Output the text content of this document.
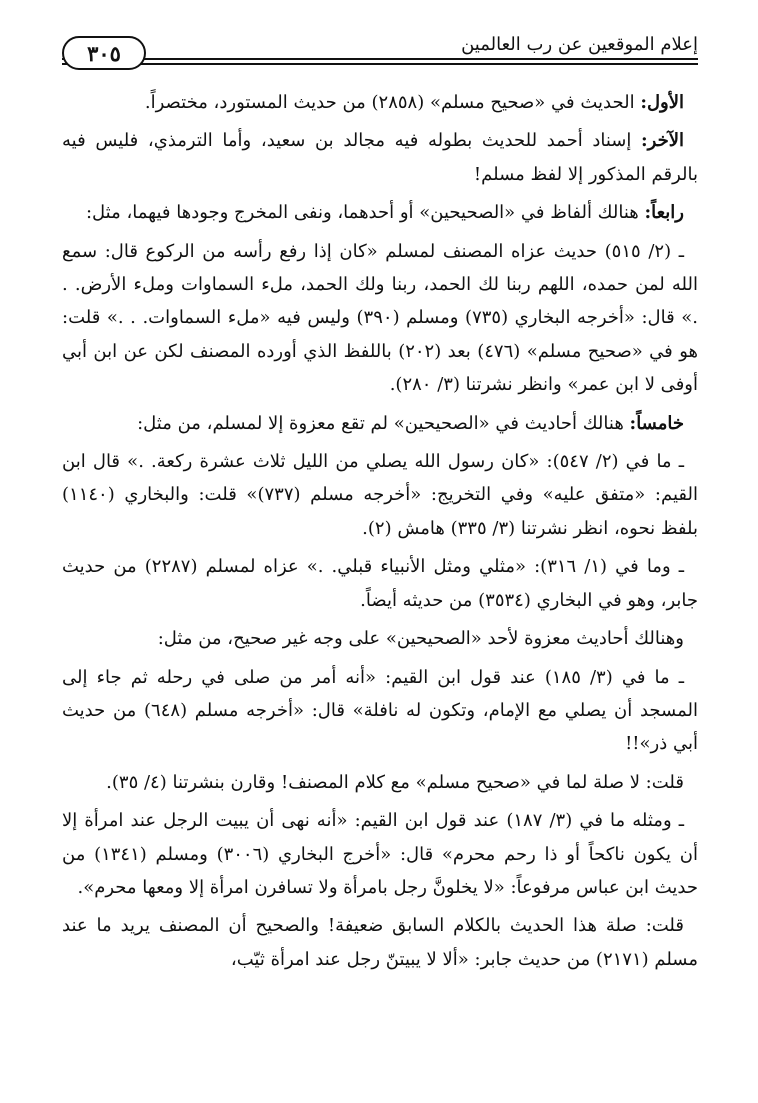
إعلام الموقعين عن رب العالمين
٣٠٥

الأول: الحديث في «صحيح مسلم» (٢٨٥٨) من حديث المستورد، مختصراً.

الآخر: إسناد أحمد للحديث بطوله فيه مجالد بن سعيد، وأما الترمذي، فليس فيه بالرقم المذكور إلا لفظ مسلم!

رابعاً: هنالك ألفاظ في «الصحيحين» أو أحدهما، ونفى المخرج وجودها فيهما، مثل:

ـ (٢/ ٥١٥) حديث عزاه المصنف لمسلم «كان إذا رفع رأسه من الركوع قال: سمع الله لمن حمده، اللهم ربنا لك الحمد، ربنا ولك الحمد، ملء السماوات وملء الأرض. . .» قال: «أخرجه البخاري (٧٣٥) ومسلم (٣٩٠) وليس فيه «ملء السماوات. . .» قلت: هو في «صحيح مسلم» (٤٧٦) بعد (٢٠٢) باللفظ الذي أورده المصنف لكن عن ابن أبي أوفى لا ابن عمر» وانظر نشرتنا (٣/ ٢٨٠).

خامساً: هنالك أحاديث في «الصحيحين» لم تقع معزوة إلا لمسلم، من مثل:

ـ ما في (٢/ ٥٤٧): «كان رسول الله يصلي من الليل ثلاث عشرة ركعة. .» قال ابن القيم: «متفق عليه» وفي التخريج: «أخرجه مسلم (٧٣٧)» قلت: والبخاري (١١٤٠) بلفظ نحوه، انظر نشرتنا (٣/ ٣٣٥) هامش (٢).

ـ وما في (١/ ٣١٦): «مثلي ومثل الأنبياء قبلي. .» عزاه لمسلم (٢٢٨٧) من حديث جابر، وهو في البخاري (٣٥٣٤) من حديثه أيضاً.

وهنالك أحاديث معزوة لأحد «الصحيحين» على وجه غير صحيح، من مثل:

ـ ما في (٣/ ١٨٥) عند قول ابن القيم: «أنه أمر من صلى في رحله ثم جاء إلى المسجد أن يصلي مع الإمام، وتكون له نافلة» قال: «أخرجه مسلم (٦٤٨) من حديث أبي ذر»!!

قلت: لا صلة لما في «صحيح مسلم» مع كلام المصنف! وقارن بنشرتنا (٤/ ٣٥).

ـ ومثله ما في (٣/ ١٨٧) عند قول ابن القيم: «أنه نهى أن يبيت الرجل عند امرأة إلا أن يكون ناكحاً أو ذا رحم محرم» قال: «أخرج البخاري (٣٠٠٦) ومسلم (١٣٤١) من حديث ابن عباس مرفوعاً: «لا يخلونَّ رجل بامرأة ولا تسافرن امرأة إلا ومعها محرم».

قلت: صلة هذا الحديث بالكلام السابق ضعيفة! والصحيح أن المصنف يريد ما عند مسلم (٢١٧١) من حديث جابر: «ألا لا يبيتنّ رجل عند امرأة ثيّب،
